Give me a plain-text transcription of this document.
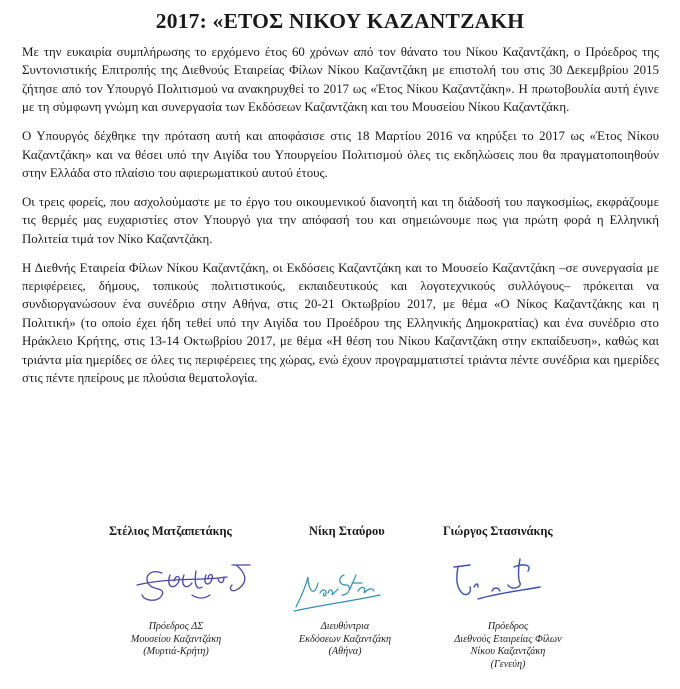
2017: «ΕΤΟΣ ΝΙΚΟΥ ΚΑΖΑΝΤΖΑΚΗ

Με την ευκαιρία συμπλήρωσης το ερχόμενο έτος 60 χρόνων από τον θάνατο του Νίκου Καζαντζάκη, ο Πρόεδρος της Συντονιστικής Επιτροπής της Διεθνούς Εταιρείας Φίλων Νίκου Καζαντζάκη με επιστολή του στις 30 Δεκεμβρίου 2015 ζήτησε από τον Υπουργό Πολιτισμού να ανακηρυχθεί το 2017 ως «Έτος Νίκου Καζαντζάκη». Η πρωτοβουλία αυτή έγινε με τη σύμφωνη γνώμη και συνεργασία των Εκδόσεων Καζαντζάκη και του Μουσείου Νίκου Καζαντζάκη.

Ο Υπουργός δέχθηκε την πρόταση αυτή και αποφάσισε στις 18 Μαρτίου 2016 να κηρύξει το 2017 ως «Έτος Νίκου Καζαντζάκη» και να θέσει υπό την Αιγίδα του Υπουργείου Πολιτισμού όλες τις εκδηλώσεις που θα πραγματοποιηθούν στην Ελλάδα στο πλαίσιο του αφιερωματικού αυτού έτους.

Οι τρεις φορείς, που ασχολούμαστε με το έργο του οικουμενικού διανοητή και τη διάδοσή του παγκοσμίως, εκφράζουμε τις θερμές μας ευχαριστίες στον Υπουργό για την απόφασή του και σημειώνουμε πως για πρώτη φορά η Ελληνική Πολιτεία τιμά τον Νίκο Καζαντζάκη.

Η Διεθνής Εταιρεία Φίλων Νίκου Καζαντζάκη, οι Εκδόσεις Καζαντζάκη και το Μουσείο Καζαντζάκη –σε συνεργασία με περιφέρειες, δήμους, τοπικούς πολιτιστικούς, εκπαιδευτικούς και λογοτεχνικούς συλλόγους– πρόκειται να συνδιοργανώσουν ένα συνέδριο στην Αθήνα, στις 20-21 Οκτωβρίου 2017, με θέμα «Ο Νίκος Καζαντζάκης και η Πολιτική» (το οποίο έχει ήδη τεθεί υπό την Αιγίδα του Προέδρου της Ελληνικής Δημοκρατίας) και ένα συνέδριο στο Ηράκλειο Κρήτης, στις 13-14 Οκτωβρίου 2017, με θέμα «Η θέση του Νίκου Καζαντζάκη στην εκπαίδευση», καθώς και τριάντα μία ημερίδες σε όλες τις περιφέρειες της χώρας, ενώ έχουν προγραμματιστεί τριάντα πέντε συνέδρια και ημερίδες στις πέντε ηπείρους με πλούσια θεματολογία.

Στέλιος Ματζαπετάκης	Νίκη Σταύρου	Γιώργος Στασινάκης
Πρόεδρος ΔΣ
Μουσείου Καζαντζάκη
(Μυρτιά-Κρήτη)
Διευθύντρια
Εκδόσεων Καζαντζάκη
(Αθήνα)
Πρόεδρος
Διεθνούς Εταιρείας Φίλων
Νίκου Καζαντζάκη
(Γενεύη)
